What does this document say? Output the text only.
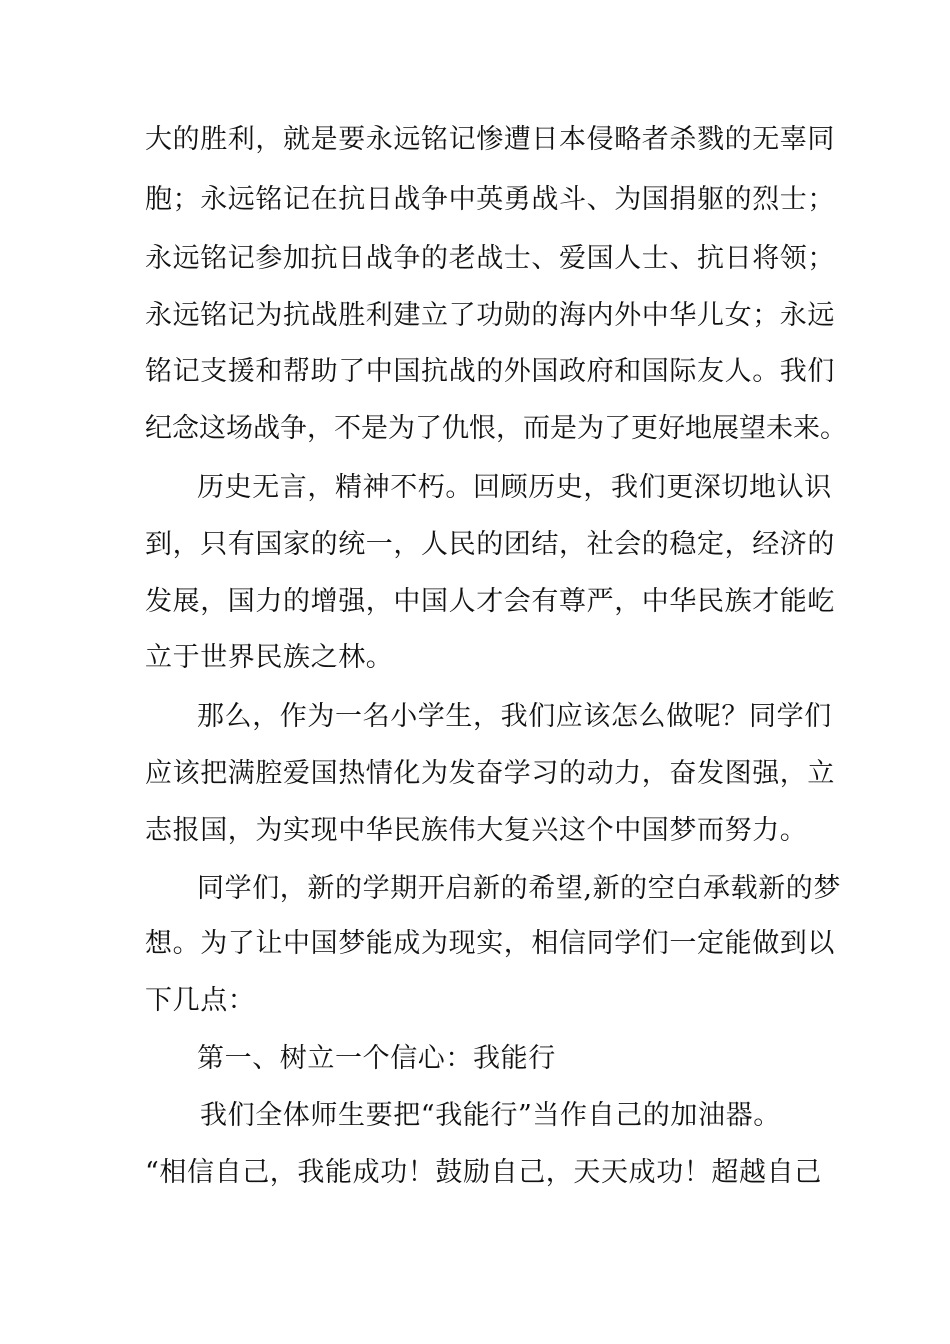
大的胜利，就是要永远铭记惨遭日本侵略者杀戮的无辜同
胞；永远铭记在抗日战争中英勇战斗、为国捐躯的烈士；
永远铭记参加抗日战争的老战士、爱国人士、抗日将领；
永远铭记为抗战胜利建立了功勋的海内外中华儿女；永远
铭记支援和帮助了中国抗战的外国政府和国际友人。我们
纪念这场战争，不是为了仇恨，而是为了更好地展望未来。
历史无言，精神不朽。回顾历史，我们更深切地认识
到，只有国家的统一，人民的团结，社会的稳定，经济的
发展，国力的增强，中国人才会有尊严，中华民族才能屹
立于世界民族之林。
那么，作为一名小学生，我们应该怎么做呢？同学们
应该把满腔爱国热情化为发奋学习的动力，奋发图强，立
志报国，为实现中华民族伟大复兴这个中国梦而努力。
同学们，新的学期开启新的希望,新的空白承载新的梦
想。为了让中国梦能成为现实，相信同学们一定能做到以
下几点：
第一、树立一个信心：我能行
我们全体师生要把“我能行”当作自己的加油器。
“相信自己，我能成功！鼓励自己，天天成功！超越自己
